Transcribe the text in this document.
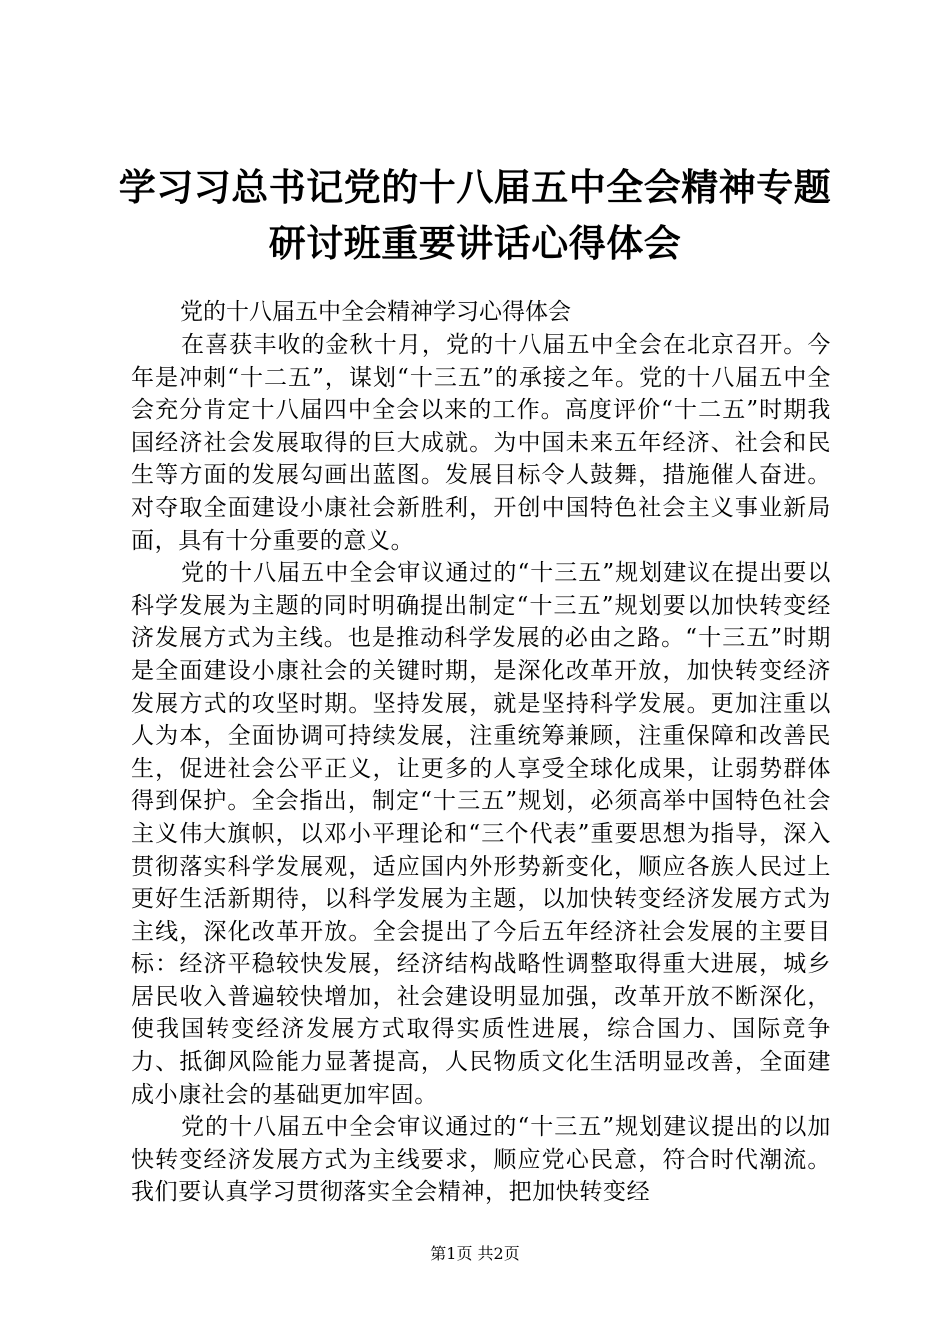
学习习总书记党的十八届五中全会精神专题研讨班重要讲话心得体会

党的十八届五中全会精神学习心得体会

在喜获丰收的金秋十月，党的十八届五中全会在北京召开。今年是冲刺“十二五”，谋划“十三五”的承接之年。党的十八届五中全会充分肯定十八届四中全会以来的工作。高度评价“十二五”时期我国经济社会发展取得的巨大成就。为中国未来五年经济、社会和民生等方面的发展勾画出蓝图。发展目标令人鼓舞，措施催人奋进。对夺取全面建设小康社会新胜利，开创中国特色社会主义事业新局面，具有十分重要的意义。

党的十八届五中全会审议通过的“十三五”规划建议在提出要以科学发展为主题的同时明确提出制定“十三五”规划要以加快转变经济发展方式为主线。也是推动科学发展的必由之路。“十三五”时期是全面建设小康社会的关键时期，是深化改革开放，加快转变经济发展方式的攻坚时期。坚持发展，就是坚持科学发展。更加注重以人为本，全面协调可持续发展，注重统筹兼顾，注重保障和改善民生，促进社会公平正义，让更多的人享受全球化成果，让弱势群体得到保护。全会指出，制定“十三五”规划，必须高举中国特色社会主义伟大旗帜，以邓小平理论和“三个代表”重要思想为指导，深入贯彻落实科学发展观，适应国内外形势新变化，顺应各族人民过上更好生活新期待，以科学发展为主题，以加快转变经济发展方式为主线，深化改革开放。全会提出了今后五年经济社会发展的主要目标：经济平稳较快发展，经济结构战略性调整取得重大进展，城乡居民收入普遍较快增加，社会建设明显加强，改革开放不断深化，使我国转变经济发展方式取得实质性进展，综合国力、国际竞争力、抵御风险能力显著提高，人民物质文化生活明显改善，全面建成小康社会的基础更加牢固。

党的十八届五中全会审议通过的“十三五”规划建议提出的以加快转变经济发展方式为主线要求，顺应党心民意，符合时代潮流。我们要认真学习贯彻落实全会精神，把加快转变经

第1页 共2页
